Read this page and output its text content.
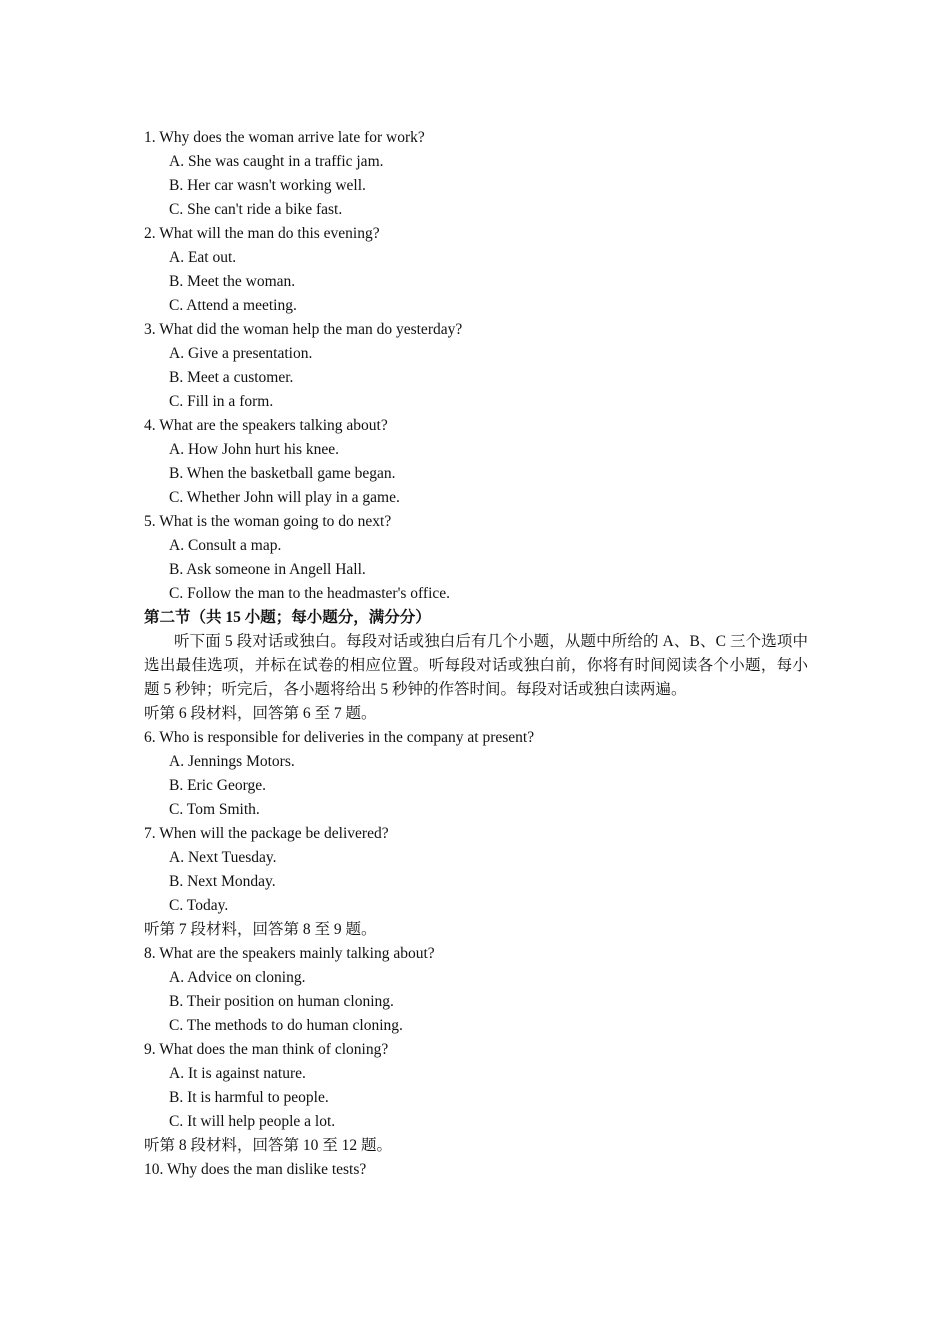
1. Why does the woman arrive late for work?
A. She was caught in a traffic jam.
B. Her car wasn't working well.
C. She can't ride a bike fast.
2. What will the man do this evening?
A. Eat out.
B. Meet the woman.
C. Attend a meeting.
3. What did the woman help the man do yesterday?
A. Give a presentation.
B. Meet a customer.
C. Fill in a form.
4. What are the speakers talking about?
A. How John hurt his knee.
B. When the basketball game began.
C. Whether John will play in a game.
5. What is the woman going to do next?
A. Consult a map.
B. Ask someone in Angell Hall.
C. Follow the man to the headmaster's office.
第二节（共 15 小题；每小题分，满分分）
听下面 5 段对话或独白。每段对话或独白后有几个小题，从题中所给的 A、B、C 三个选项中选出最佳选项，并标在试卷的相应位置。听每段对话或独白前，你将有时间阅读各个小题，每小题 5 秒钟；听完后，各小题将给出 5 秒钟的作答时间。每段对话或独白读两遍。
听第 6 段材料，回答第 6 至 7 题。
6. Who is responsible for deliveries in the company at present?
A. Jennings Motors.
B. Eric George.
C. Tom Smith.
7. When will the package be delivered?
A. Next Tuesday.
B. Next Monday.
C. Today.
听第 7 段材料，回答第 8 至 9 题。
8. What are the speakers mainly talking about?
A. Advice on cloning.
B. Their position on human cloning.
C. The methods to do human cloning.
9. What does the man think of cloning?
A. It is against nature.
B. It is harmful to people.
C. It will help people a lot.
听第 8 段材料，回答第 10 至 12 题。
10. Why does the man dislike tests?
